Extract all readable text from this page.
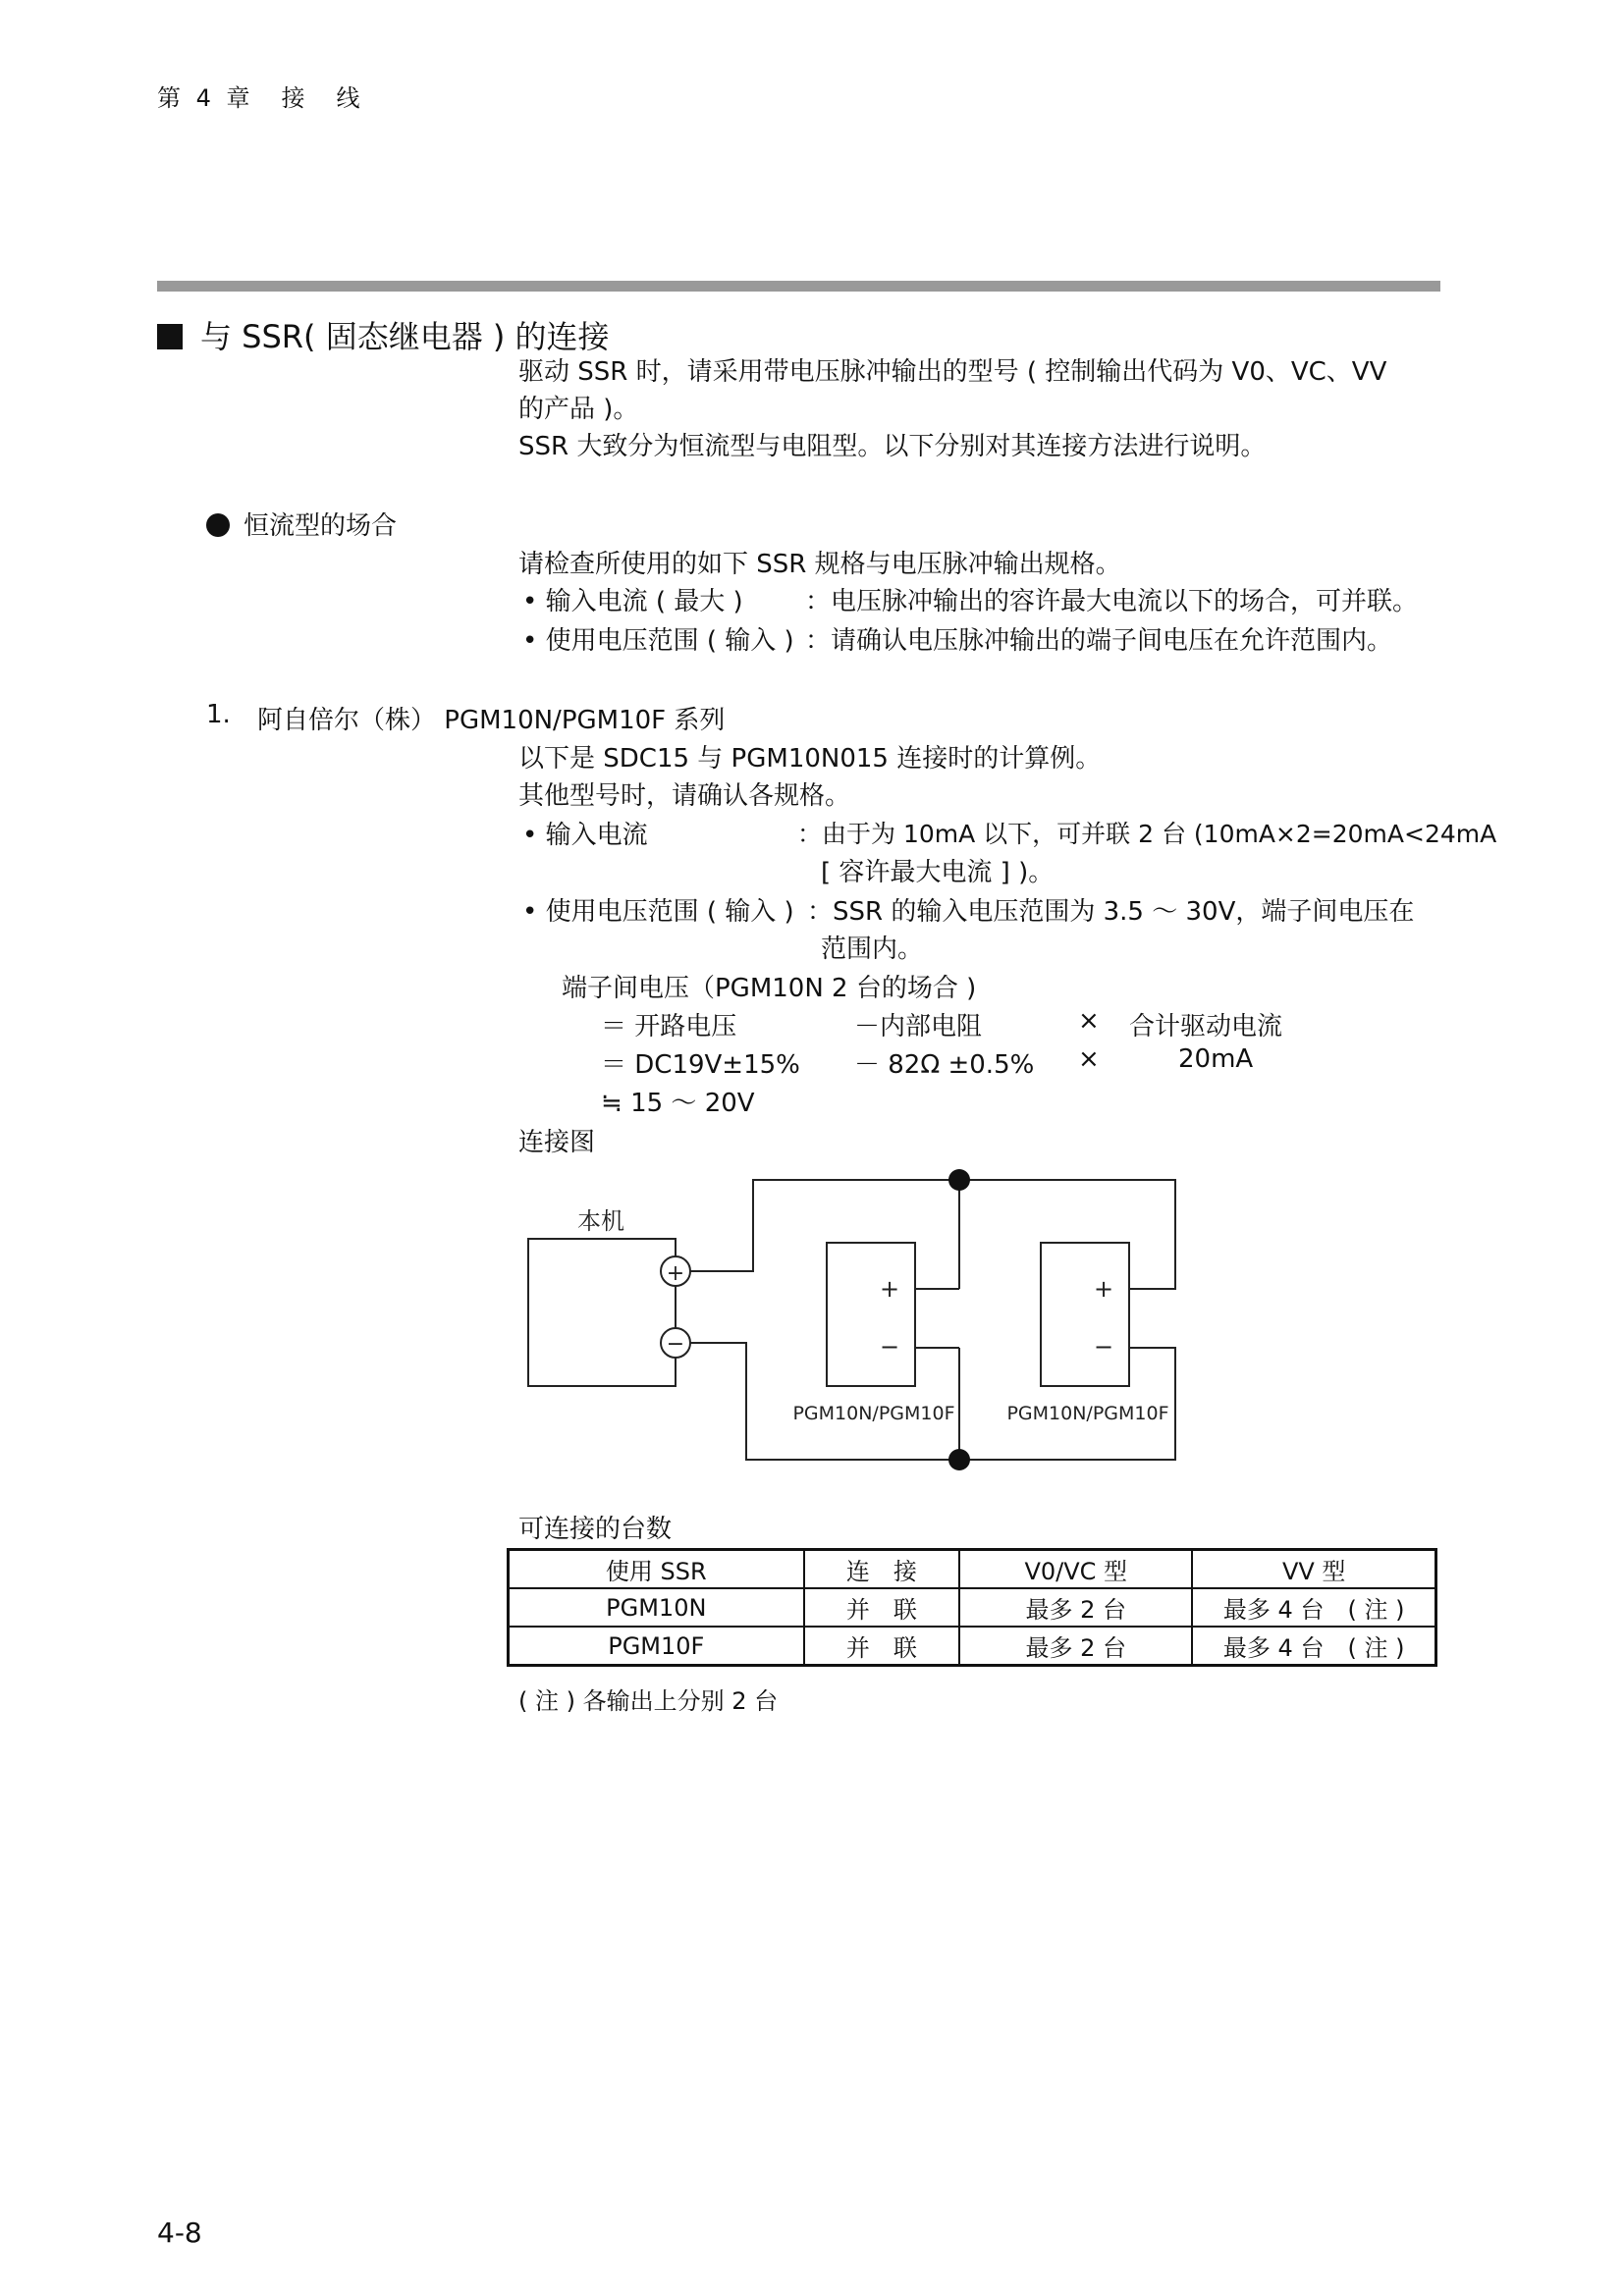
第 4 章　接　线
与 SSR( 固态继电器 ) 的连接
驱动 SSR 时，请采用带电压脉冲输出的型号 ( 控制输出代码为 V0、VC、VV
的产品 )。
SSR 大致分为恒流型与电阻型。以下分别对其连接方法进行说明。
恒流型的场合
请检查所使用的如下 SSR 规格与电压脉冲输出规格。
• 输入电流 ( 最大 ) ：电压脉冲输出的容许最大电流以下的场合，可并联。
• 使用电压范围 ( 输入 ) ：请确认电压脉冲输出的端子间电压在允许范围内。
1. 阿自倍尔（株） PGM10N/PGM10F 系列
以下是 SDC15 与 PGM10N015 连接时的计算例。
其他型号时，请确认各规格。
• 输入电流	：由于为 10mA 以下，可并联 2 台 (10mA×2=20mA<24mA
[ 容许最大电流 ] )。
• 使用电压范围 ( 输入 ) ：SSR 的输入电压范围为 3.5 ～ 30V，端子间电压在
范围内。
端子间电压（PGM10N 2 台的场合 )
＝ 开路电压	－内部电阻	× 合计驱动电流
＝ DC19V±15% － 82Ω ±0.5% ×	20mA
≒ 15 ～ 20V
连接图
本机
+
−
+
−
+
−
PGM10N/PGM10F	PGM10N/PGM10F
可连接的台数
使用 SSR	连　接	V0/VC 型	VV 型
PGM10N	并　联	最多 2 台	最多 4 台　( 注 )
PGM10F	并　联	最多 2 台	最多 4 台　( 注 )
( 注 ) 各输出上分别 2 台
4-8
